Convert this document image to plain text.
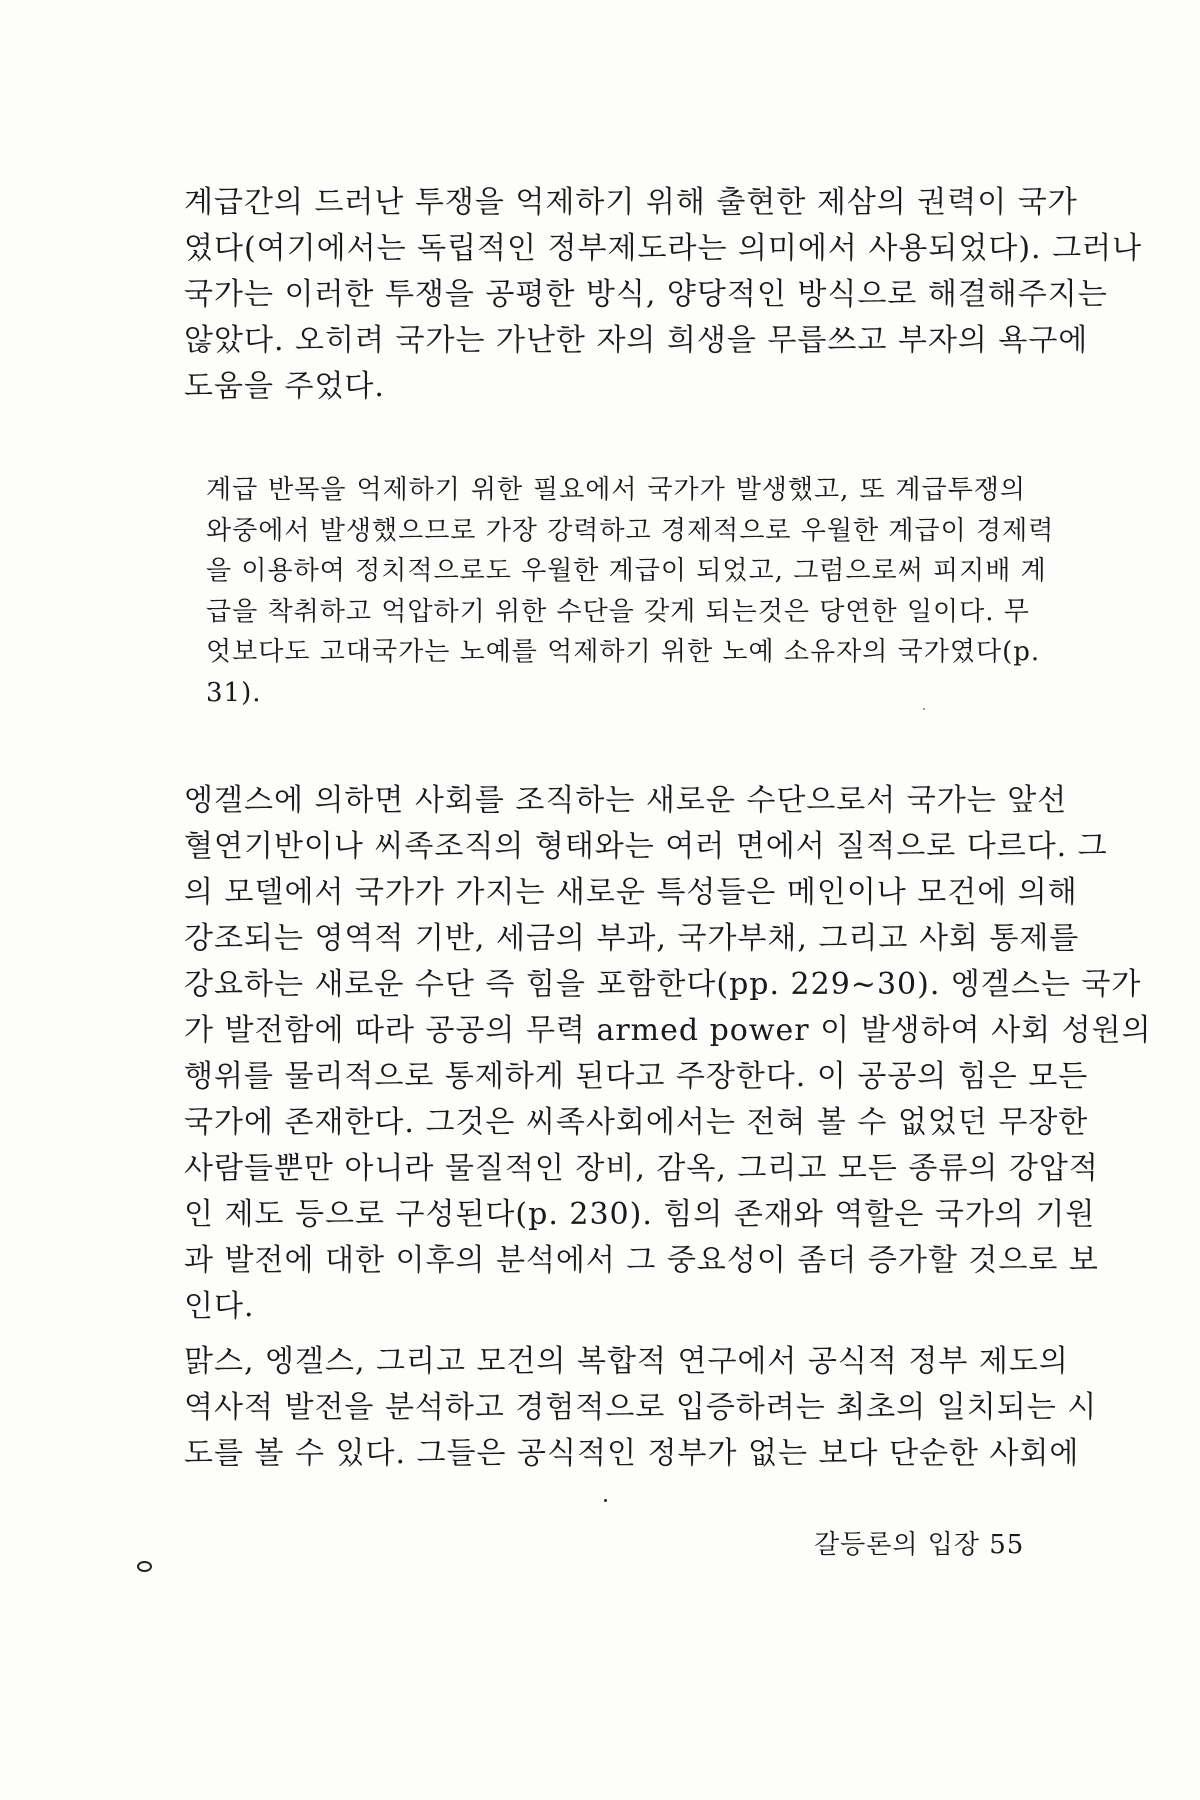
계급간의 드러난 투쟁을 억제하기 위해 출현한 제삼의 권력이 국가
였다(여기에서는 독립적인 정부제도라는 의미에서 사용되었다). 그러나
국가는 이러한 투쟁을 공평한 방식, 양당적인 방식으로 해결해주지는
않았다. 오히려 국가는 가난한 자의 희생을 무릅쓰고 부자의 욕구에
도움을 주었다.
계급 반목을 억제하기 위한 필요에서 국가가 발생했고, 또 계급투쟁의
와중에서 발생했으므로 가장 강력하고 경제적으로 우월한 계급이 경제력
을 이용하여 정치적으로도 우월한 계급이 되었고, 그럼으로써 피지배 계
급을 착취하고 억압하기 위한 수단을 갖게 되는것은 당연한 일이다. 무
엇보다도 고대국가는 노예를 억제하기 위한 노예 소유자의 국가였다(p.
31).
엥겔스에 의하면 사회를 조직하는 새로운 수단으로서 국가는 앞선
혈연기반이나 씨족조직의 형태와는 여러 면에서 질적으로 다르다. 그
의 모델에서 국가가 가지는 새로운 특성들은 메인이나 모건에 의해
강조되는 영역적 기반, 세금의 부과, 국가부채, 그리고 사회 통제를
강요하는 새로운 수단 즉 힘을 포함한다(pp. 229~30). 엥겔스는 국가
가 발전함에 따라 공공의 무력 armed power 이 발생하여 사회 성원의
행위를 물리적으로 통제하게 된다고 주장한다. 이 공공의 힘은 모든
국가에 존재한다. 그것은 씨족사회에서는 전혀 볼 수 없었던 무장한
사람들뿐만 아니라 물질적인 장비, 감옥, 그리고 모든 종류의 강압적
인 제도 등으로 구성된다(p. 230). 힘의 존재와 역할은 국가의 기원
과 발전에 대한 이후의 분석에서 그 중요성이 좀더 증가할 것으로 보
인다.
맑스, 엥겔스, 그리고 모건의 복합적 연구에서 공식적 정부 제도의
역사적 발전을 분석하고 경험적으로 입증하려는 최초의 일치되는 시
도를 볼 수 있다. 그들은 공식적인 정부가 없는 보다 단순한 사회에
갈등론의 입장 55
